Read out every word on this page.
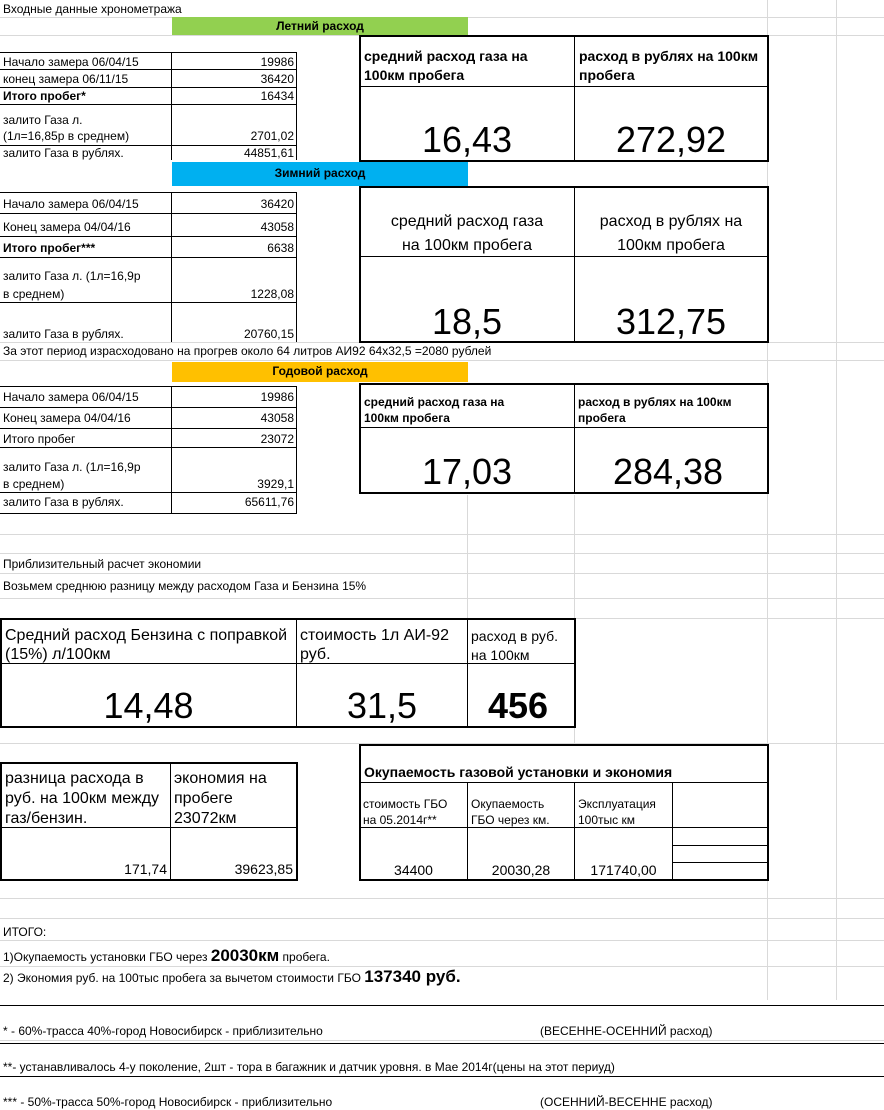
Входные данные хронометража
Летний расход
Начало замера 06/04/15	19986
конец замера 06/11/15	36420
Итого пробег*	16434
залито Газа л.
(1л=16,85р в среднем)	2701,02
залито Газа в рублях.	44851,61
средний расход газа на 100км пробега
расход в рублях на 100км пробега
16,43	272,92
Зимний расход
Начало замера 06/04/15	36420
Конец замера 04/04/16	43058
Итого пробег***	6638
залито Газа л. (1л=16,9р
в среднем)	1228,08
залито Газа в рублях.	20760,15
средний расход газа
на 100км пробега
расход в рублях на
100км пробега
18,5	312,75
За этот период израсходовано на прогрев около 64 литров АИ92 64х32,5 =2080 рублей
Годовой расход
Начало замера 06/04/15	19986
Конец замера 04/04/16	43058
Итого пробег	23072
залито Газа л. (1л=16,9р
в среднем)	3929,1
залито Газа в рублях.	65611,76
средний расход газа на
100км пробега
расход в рублях на 100км
пробега
17,03	284,38
Приблизительный расчет экономии
Возьмем среднюю разницу между расходом Газа и Бензина 15%
Средний расход Бензина с поправкой
(15%) л/100км
стоимость 1л АИ-92
руб.
расход в руб.
на 100км
14,48	31,5	456
разница расхода в
руб. на 100км между
газ/бензин.
экономия на
пробеге
23072км
171,74	39623,85
Окупаемость газовой установки и экономия
стоимость ГБО
на 05.2014г**
Окупаемость
ГБО через км.
Эксплуатация
100тыс км
34400	20030,28	171740,00
ИТОГО:
1)Окупаемость установки ГБО через 20030км пробега.
2) Экономия руб. на 100тыс пробега за вычетом стоимости ГБО 137340 руб.
* - 60%-трасса 40%-город Новосибирск - приблизительно	(ВЕСЕННЕ-ОСЕННИЙ расход)
**- устанавливалось 4-у поколение, 2шт - тора в багажник и датчик уровня. в Мае 2014г(цены на этот периуд)
*** - 50%-трасса 50%-город Новосибирск - приблизительно	(ОСЕННИЙ-ВЕСЕННЕ расход)
